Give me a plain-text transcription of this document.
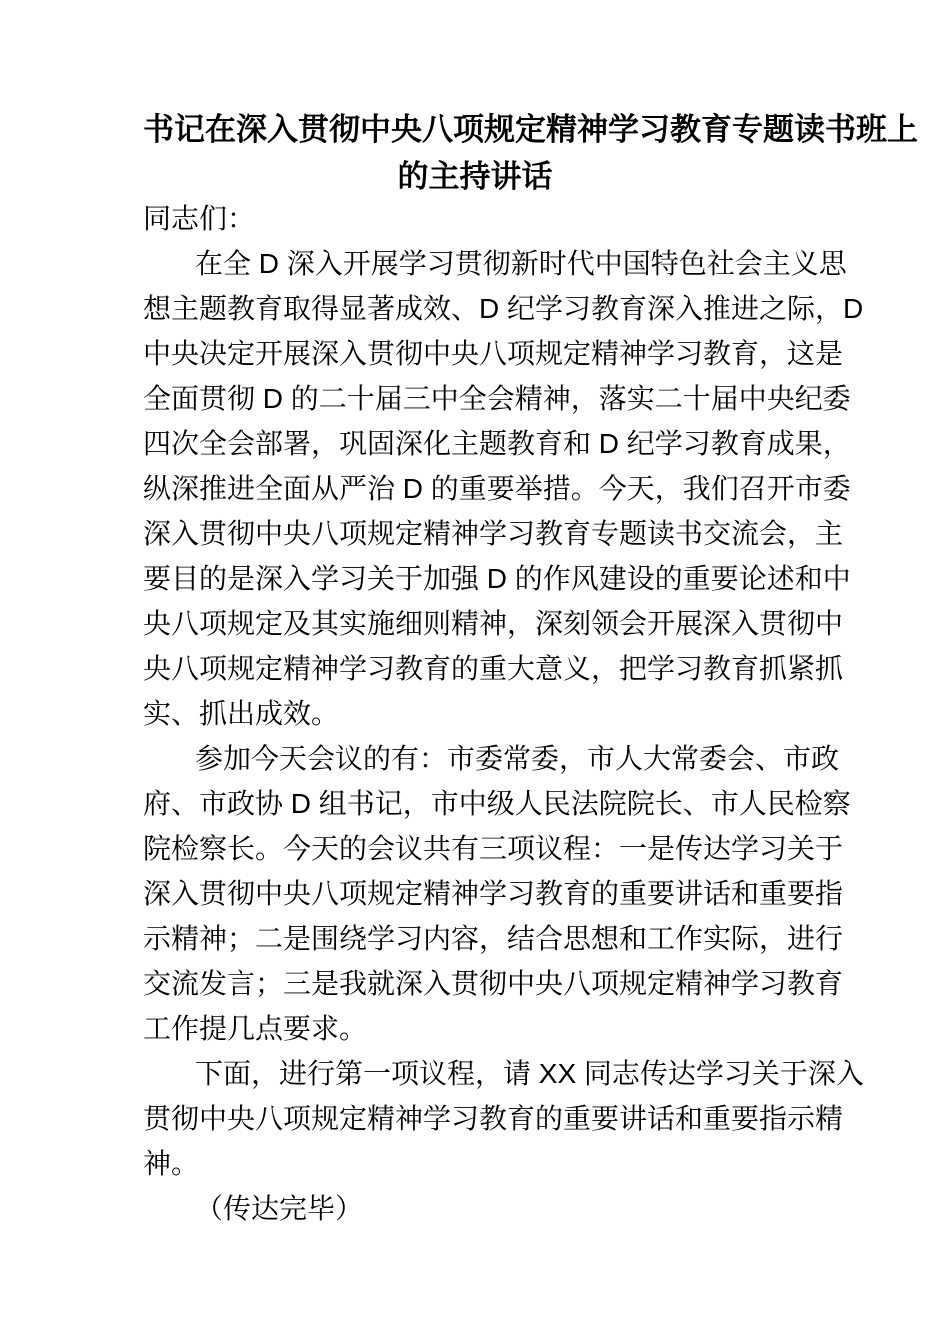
书记在深入贯彻中央八项规定精神学习教育专题读书班上
的主持讲话
同志们：
在全 D 深入开展学习贯彻新时代中国特色社会主义思
想主题教育取得显著成效、D 纪学习教育深入推进之际，D
中央决定开展深入贯彻中央八项规定精神学习教育，这是
全面贯彻 D 的二十届三中全会精神，落实二十届中央纪委
四次全会部署，巩固深化主题教育和 D 纪学习教育成果，
纵深推进全面从严治 D 的重要举措。今天，我们召开市委
深入贯彻中央八项规定精神学习教育专题读书交流会，主
要目的是深入学习关于加强 D 的作风建设的重要论述和中
央八项规定及其实施细则精神，深刻领会开展深入贯彻中
央八项规定精神学习教育的重大意义，把学习教育抓紧抓
实、抓出成效。
参加今天会议的有：市委常委，市人大常委会、市政
府、市政协 D 组书记，市中级人民法院院长、市人民检察
院检察长。今天的会议共有三项议程：一是传达学习关于
深入贯彻中央八项规定精神学习教育的重要讲话和重要指
示精神；二是围绕学习内容，结合思想和工作实际，进行
交流发言；三是我就深入贯彻中央八项规定精神学习教育
工作提几点要求。
下面，进行第一项议程，请 XX 同志传达学习关于深入
贯彻中央八项规定精神学习教育的重要讲话和重要指示精
神。
（传达完毕）
